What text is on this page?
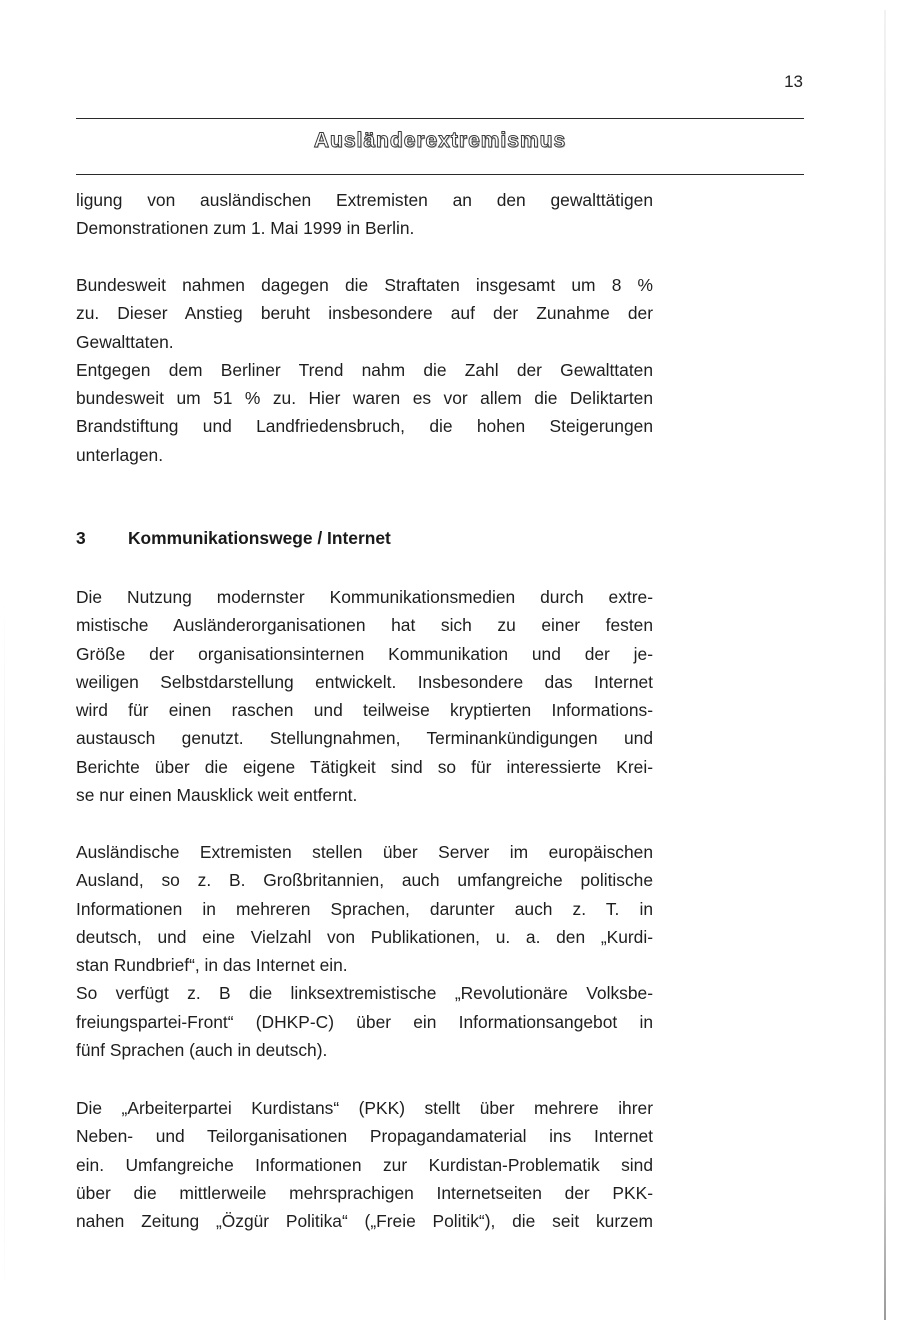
13
Ausländerextremismus

ligung von ausländischen Extremisten an den gewalttätigen

Demonstrationen zum 1. Mai 1999 in Berlin.

Bundesweit nahmen dagegen die Straftaten insgesamt um 8 %

zu. Dieser Anstieg beruht insbesondere auf der Zunahme der

Gewalttaten.

Entgegen dem Berliner Trend nahm die Zahl der Gewalttaten

bundesweit um 51 % zu. Hier waren es vor allem die Deliktarten

Brandstiftung und Landfriedensbruch, die hohen Steigerungen

unterlagen.

3 Kommunikationswege / Internet

Die Nutzung modernster Kommunikationsmedien durch extre-

mistische Ausländerorganisationen hat sich zu einer festen

Größe der organisationsinternen Kommunikation und der je-

weiligen Selbstdarstellung entwickelt. Insbesondere das Internet

wird für einen raschen und teilweise kryptierten Informations-

austausch genutzt. Stellungnahmen, Terminankündigungen und

Berichte über die eigene Tätigkeit sind so für interessierte Krei-

se nur einen Mausklick weit entfernt.

Ausländische Extremisten stellen über Server im europäischen

Ausland, so z. B. Großbritannien, auch umfangreiche politische

Informationen in mehreren Sprachen, darunter auch z. T. in

deutsch, und eine Vielzahl von Publikationen, u. a. den „Kurdi-

stan Rundbrief“, in das Internet ein.

So verfügt z. B die linksextremistische „Revolutionäre Volksbe-

freiungspartei-Front“ (DHKP-C) über ein Informationsangebot in

fünf Sprachen (auch in deutsch).

Die „Arbeiterpartei Kurdistans“ (PKK) stellt über mehrere ihrer

Neben- und Teilorganisationen Propagandamaterial ins Internet

ein. Umfangreiche Informationen zur Kurdistan-Problematik sind

über die mittlerweile mehrsprachigen Internetseiten der PKK-

nahen Zeitung „Özgür Politika“ („Freie Politik“), die seit kurzem
